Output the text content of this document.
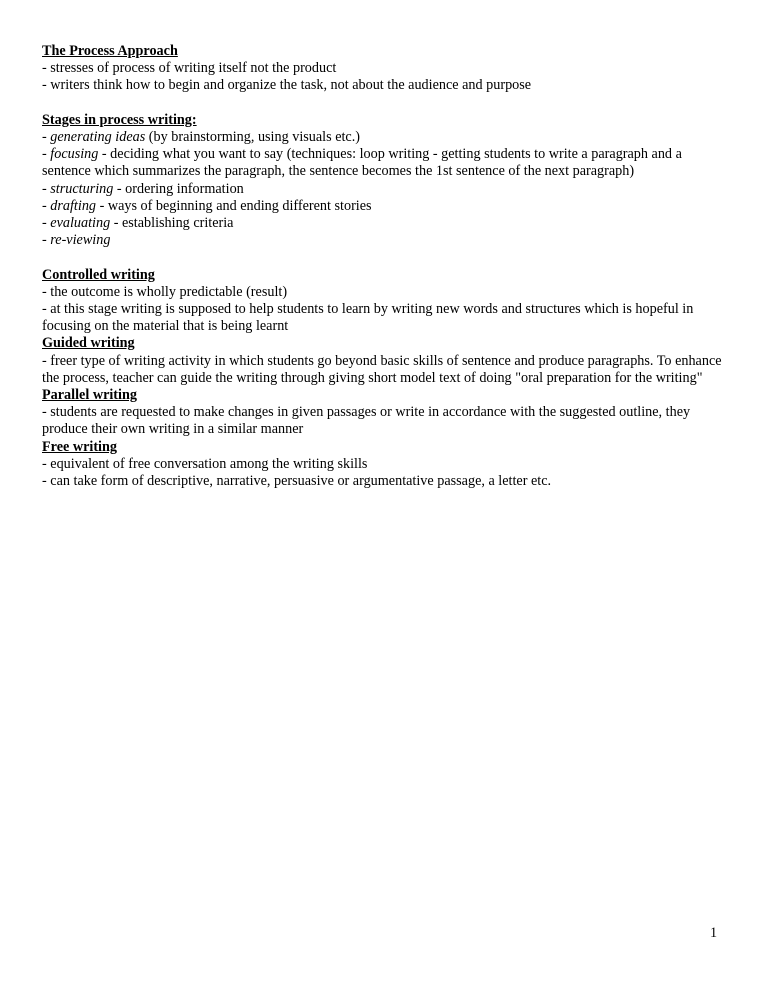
The Process Approach
- stresses of process of writing itself not the product
- writers think how to begin and organize the task, not about the audience and purpose
Stages in process writing:
- generating ideas (by brainstorming, using visuals etc.)
- focusing - deciding what you want to say (techniques: loop writing - getting students to write a paragraph and a sentence which summarizes the paragraph, the sentence becomes the 1st sentence of the next paragraph)
- structuring - ordering information
- drafting - ways of beginning and ending different stories
- evaluating - establishing criteria
- re-viewing
Controlled writing
- the outcome is wholly predictable (result)
- at this stage writing is supposed to help students to learn by writing new words and structures which is hopeful in focusing on the material that is being learnt
Guided writing
- freer type of writing activity in which students go beyond basic skills of sentence and produce paragraphs. To enhance the process, teacher can guide the writing through giving short model text of doing "oral preparation for the writing"
Parallel writing
- students are requested to make changes in given passages or write in accordance with the suggested outline, they produce their own writing in a similar manner
Free writing
- equivalent of free conversation among the writing skills
- can take form of descriptive, narrative, persuasive or argumentative passage, a letter etc.
1
